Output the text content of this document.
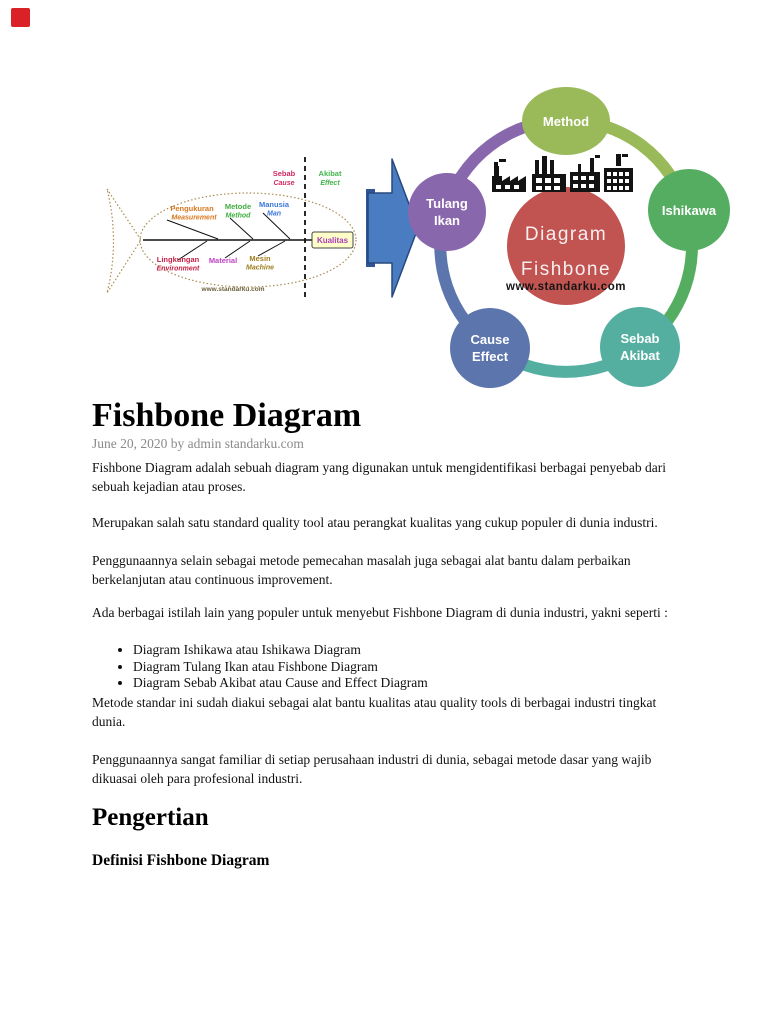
Sebab
Cause
Akibat
Effect
Pengukuran
Measurement
Metode
Method
Manusia
Man
Lingkungan
Environment
Material Mesin
Machine
Kualitas
www.standarku.com
Diagram
Fishbone
www.standarku.com
Method
Ishikawa
Sebab
Akibat
Cause
Effect
Tulang
Ikan
Fishbone Diagram

June 20, 2020 by admin standarku.com

Fishbone Diagram adalah sebuah diagram yang digunakan untuk mengidentifikasi berbagai penyebab dari sebuah kejadian atau proses.

Merupakan salah satu standard quality tool atau perangkat kualitas yang cukup populer di dunia industri.

Penggunaannya selain sebagai metode pemecahan masalah juga sebagai alat bantu dalam perbaikan berkelanjutan atau continuous improvement.

Ada berbagai istilah lain yang populer untuk menyebut Fishbone Diagram di dunia industri, yakni seperti :

• Diagram Ishikawa atau Ishikawa Diagram
• Diagram Tulang Ikan atau Fishbone Diagram
• Diagram Sebab Akibat atau Cause and Effect Diagram

Metode standar ini sudah diakui sebagai alat bantu kualitas atau quality tools di berbagai industri tingkat dunia.

Penggunaannya sangat familiar di setiap perusahaan industri di dunia, sebagai metode dasar yang wajib dikuasai oleh para profesional industri.

Pengertian
Definisi Fishbone Diagram
